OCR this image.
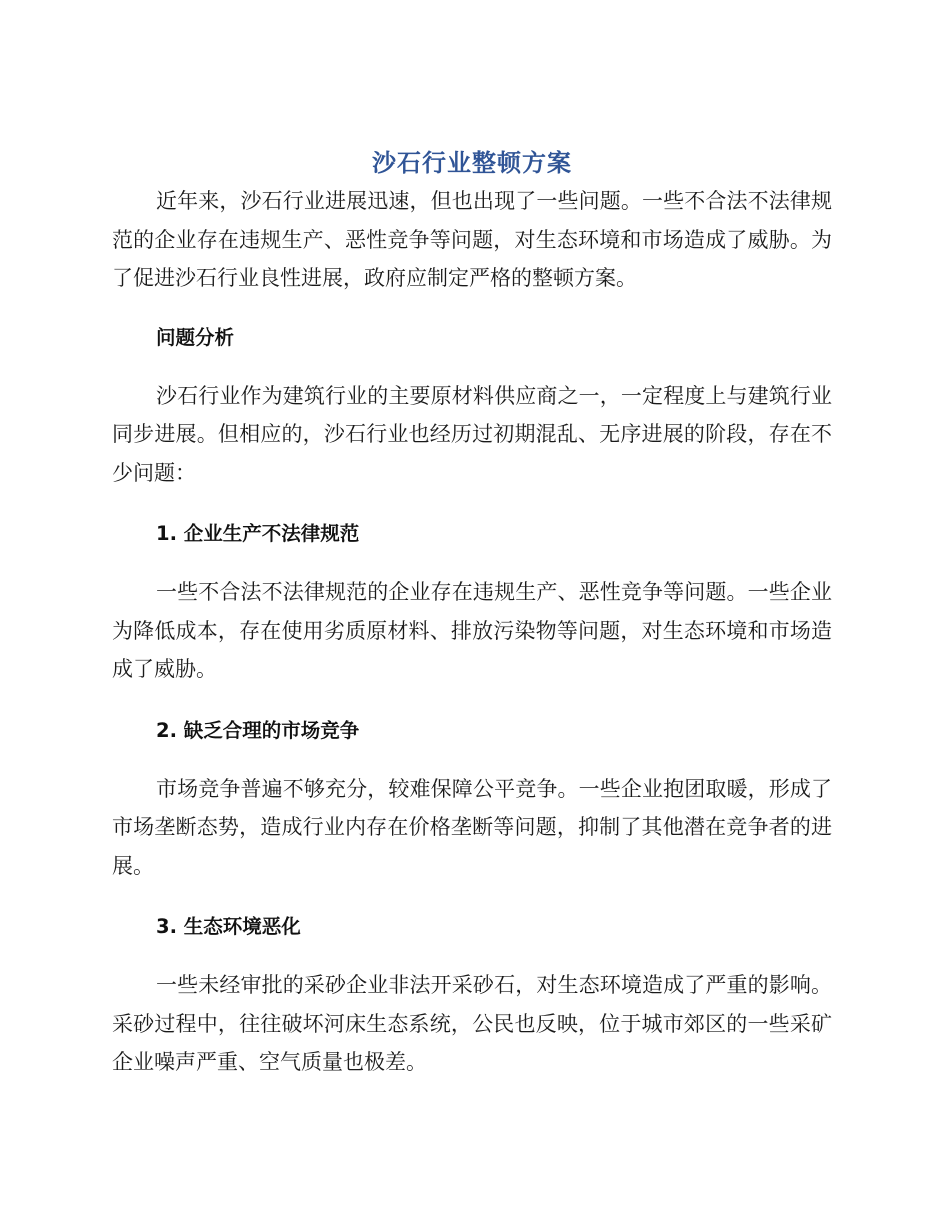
沙石行业整顿方案

近年来，沙石行业进展迅速，但也出现了一些问题。一些不合法不法律规范的企业存在违规生产、恶性竞争等问题，对生态环境和市场造成了威胁。为了促进沙石行业良性进展，政府应制定严格的整顿方案。

问题分析

沙石行业作为建筑行业的主要原材料供应商之一，一定程度上与建筑行业同步进展。但相应的，沙石行业也经历过初期混乱、无序进展的阶段，存在不少问题：

1. 企业生产不法律规范

一些不合法不法律规范的企业存在违规生产、恶性竞争等问题。一些企业为降低成本，存在使用劣质原材料、排放污染物等问题，对生态环境和市场造成了威胁。

2. 缺乏合理的市场竞争

市场竞争普遍不够充分，较难保障公平竞争。一些企业抱团取暖，形成了市场垄断态势，造成行业内存在价格垄断等问题，抑制了其他潜在竞争者的进展。

3. 生态环境恶化

一些未经审批的采砂企业非法开采砂石，对生态环境造成了严重的影响。采砂过程中，往往破坏河床生态系统，公民也反映，位于城市郊区的一些采矿企业噪声严重、空气质量也极差。
